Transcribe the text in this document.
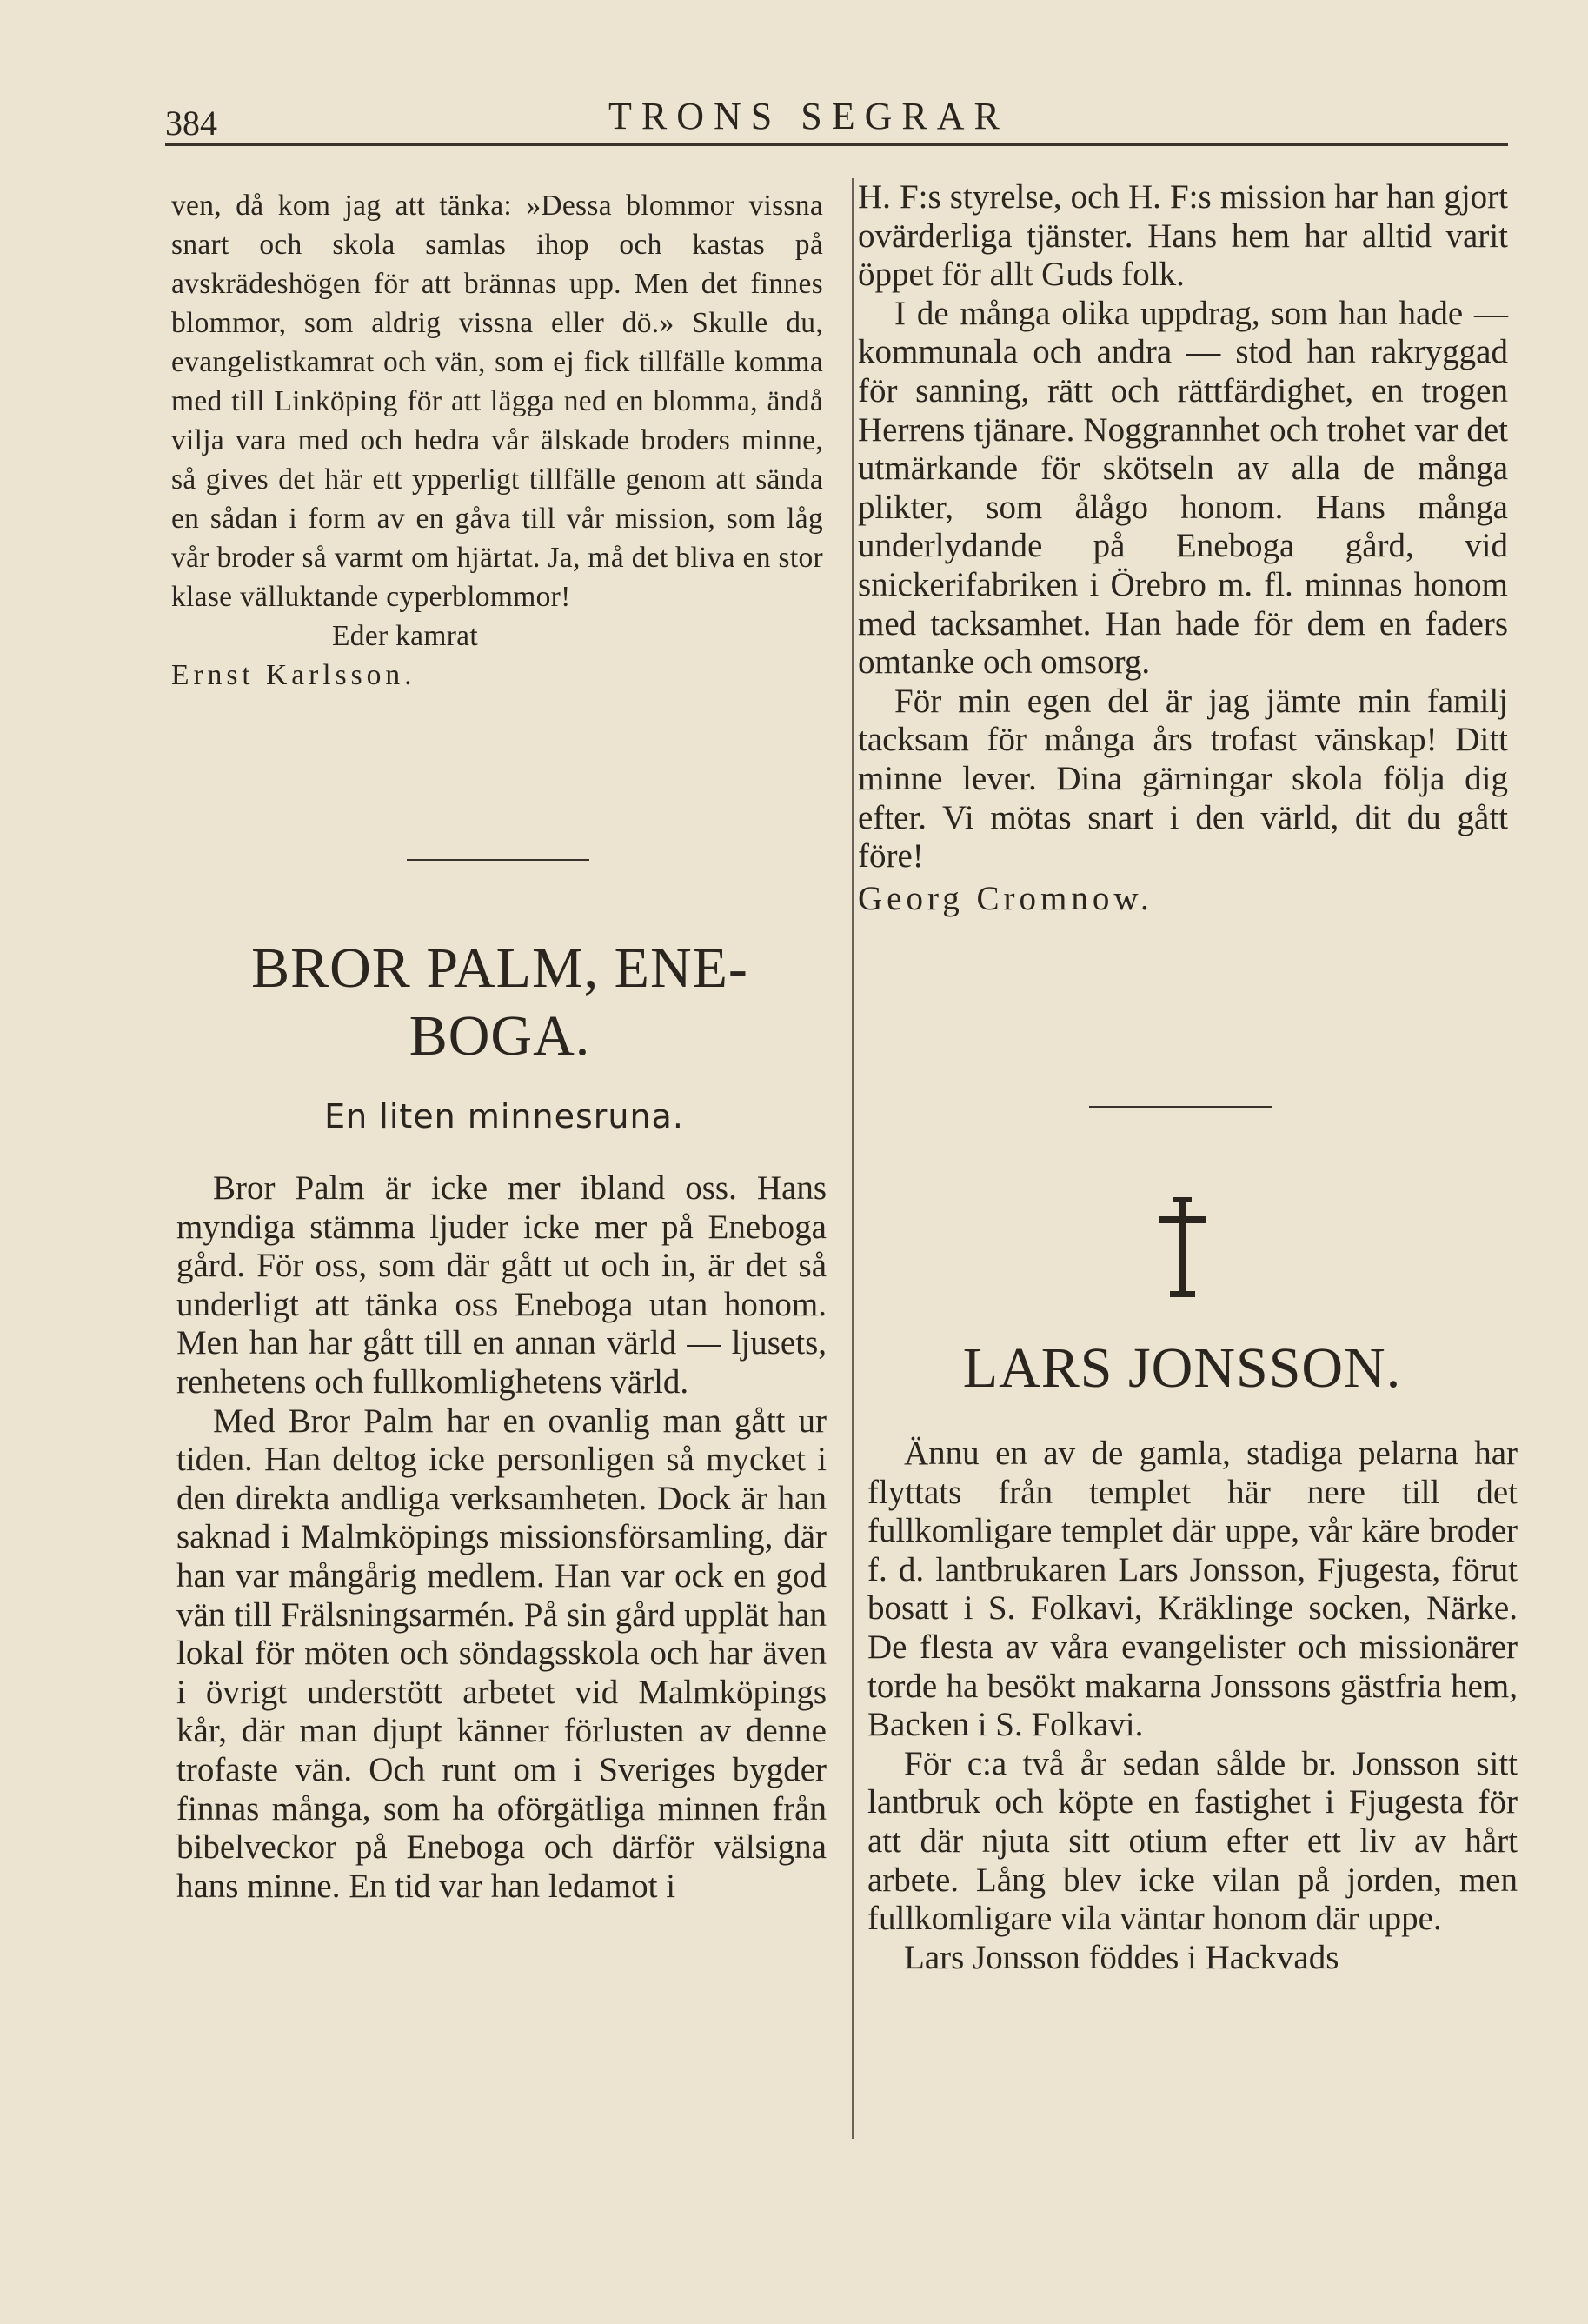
384	TRONS SEGRAR

ven, då kom jag att tänka: »Dessa blommor vissna snart och skola samlas ihop och kastas på avskrädeshögen för att brännas upp. Men det finnes blommor, som aldrig vissna eller dö.» Skulle du, evangelistkamrat och vän, som ej fick tillfälle komma med till Linköping för att lägga ned en blomma, ändå vilja vara med och hedra vår älskade broders minne, så gives det här ett ypperligt tillfälle genom att sända en sådan i form av en gåva till vår mission, som låg vår broder så varmt om hjärtat. Ja, må det bliva en stor klase välluktande cyperblommor!

Eder kamrat

Ernst Karlsson.

BROR PALM, ENE-
BOGA.
En liten minnesruna.

Bror Palm är icke mer ibland oss. Hans myndiga stämma ljuder icke mer på Eneboga gård. För oss, som där gått ut och in, är det så underligt att tänka oss Eneboga utan honom. Men han har gått till en annan värld — ljusets, renhetens och fullkomlighetens värld.

Med Bror Palm har en ovanlig man gått ur tiden. Han deltog icke personligen så mycket i den direkta andliga verksamheten. Dock är han saknad i Malmköpings missionsförsamling, där han var mångårig medlem. Han var ock en god vän till Frälsningsarmén. På sin gård upplät han lokal för möten och söndagsskola och har även i övrigt understött arbetet vid Malmköpings kår, där man djupt känner förlusten av denne trofaste vän. Och runt om i Sveriges bygder finnas många, som ha oförgätliga minnen från bibelveckor på Eneboga och därför välsigna hans minne. En tid var han ledamot i

H. F:s styrelse, och H. F:s mission har han gjort ovärderliga tjänster. Hans hem har alltid varit öppet för allt Guds folk.

I de många olika uppdrag, som han hade — kommunala och andra — stod han rakryggad för sanning, rätt och rättfärdighet, en trogen Herrens tjänare. Noggrannhet och trohet var det utmärkande för skötseln av alla de många plikter, som ålågo honom. Hans många underlydande på Eneboga gård, vid snickerifabriken i Örebro m. fl. minnas honom med tacksamhet. Han hade för dem en faders omtanke och omsorg.

För min egen del är jag jämte min familj tacksam för många års trofast vänskap! Ditt minne lever. Dina gärningar skola följa dig efter. Vi mötas snart i den värld, dit du gått före!

Georg Cromnow.

LARS JONSSON.

Ännu en av de gamla, stadiga pelarna har flyttats från templet här nere till det fullkomligare templet där uppe, vår käre broder f. d. lantbrukaren Lars Jonsson, Fjugesta, förut bosatt i S. Folkavi, Kräklinge socken, Närke. De flesta av våra evangelister och missionärer torde ha besökt makarna Jonssons gästfria hem, Backen i S. Folkavi.

För c:a två år sedan sålde br. Jonsson sitt lantbruk och köpte en fastighet i Fjugesta för att där njuta sitt otium efter ett liv av hårt arbete. Lång blev icke vilan på jorden, men fullkomligare vila väntar honom där uppe.

Lars Jonsson föddes i Hackvads
